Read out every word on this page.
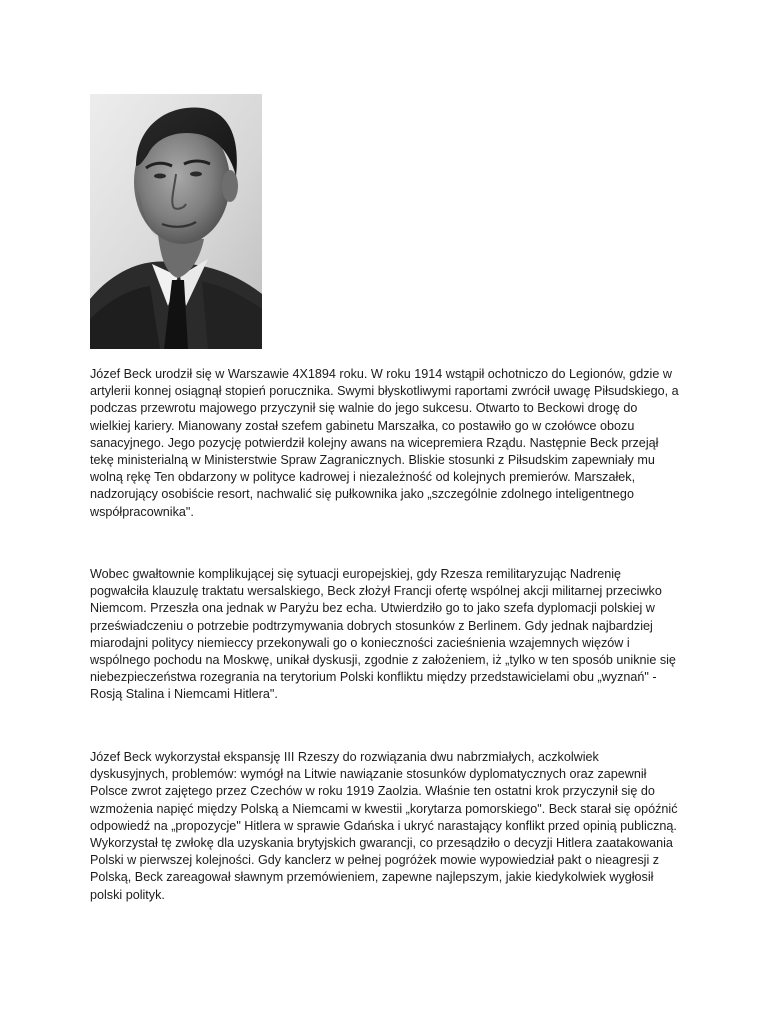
Józef Beck urodził się w Warszawie 4X1894 roku. W roku 1914 wstąpił ochotniczo do Legionów, gdzie w artylerii konnej osiągnął stopień porucznika. Swymi błyskotliwymi raportami zwrócił uwagę Piłsudskiego, a podczas przewrotu majowego przyczynił się walnie do jego sukcesu. Otwarto to Beckowi drogę do wielkiej kariery. Mianowany został szefem gabinetu Marszałka, co postawiło go w czołówce obozu sanacyjnego. Jego pozycję potwierdził kolejny awans na wicepremiera Rządu. Następnie Beck przejął tekę ministerialną w Ministerstwie Spraw Zagranicznych. Bliskie stosunki z Piłsudskim zapewniały mu wolną rękę Ten obdarzony w polityce kadrowej i niezależność od kolejnych premierów. Marszałek, nadzorujący osobiście resort, nachwalić się pułkownika jako „szczególnie zdolnego inteligentnego współpracownika".

Wobec gwałtownie komplikującej się sytuacji europejskiej, gdy Rzesza remilitaryzując Nadrenię pogwałciła klauzulę traktatu wersalskiego, Beck złożył Francji ofertę wspólnej akcji militarnej przeciwko Niemcom. Przeszła ona jednak w Paryżu bez echa. Utwierdziło go to jako szefa dyplomacji polskiej w przeświadczeniu o potrzebie podtrzymywania dobrych stosunków z Berlinem. Gdy jednak najbardziej miarodajni politycy niemieccy przekonywali go o konieczności zacieśnienia wzajemnych więzów i wspólnego pochodu na Moskwę, unikał dyskusji, zgodnie z założeniem, iż „tylko w ten sposób uniknie się niebezpieczeństwa rozegrania na terytorium Polski konfliktu między przedstawicielami obu „wyznań" - Rosją Stalina i Niemcami Hitlera".

Józef Beck wykorzystał ekspansję III Rzeszy do rozwiązania dwu nabrzmiałych, aczkolwiek dyskusyjnych, problemów: wymógł na Litwie nawiązanie stosunków dyplomatycznych oraz zapewnił Polsce zwrot zajętego przez Czechów w roku 1919 Zaolzia. Właśnie ten ostatni krok przyczynił się do wzmożenia napięć między Polską a Niemcami w kwestii „korytarza pomorskiego". Beck starał się opóźnić odpowiedź na „propozycje" Hitlera w sprawie Gdańska i ukryć narastający konflikt przed opinią publiczną. Wykorzystał tę zwłokę dla uzyskania brytyjskich gwarancji, co przesądziło o decyzji Hitlera zaatakowania Polski w pierwszej kolejności. Gdy kanclerz w pełnej pogróżek mowie wypowiedział pakt o nieagresji z Polską, Beck zareagował sławnym przemówieniem, zapewne najlepszym, jakie kiedykolwiek wygłosił polski polityk.
